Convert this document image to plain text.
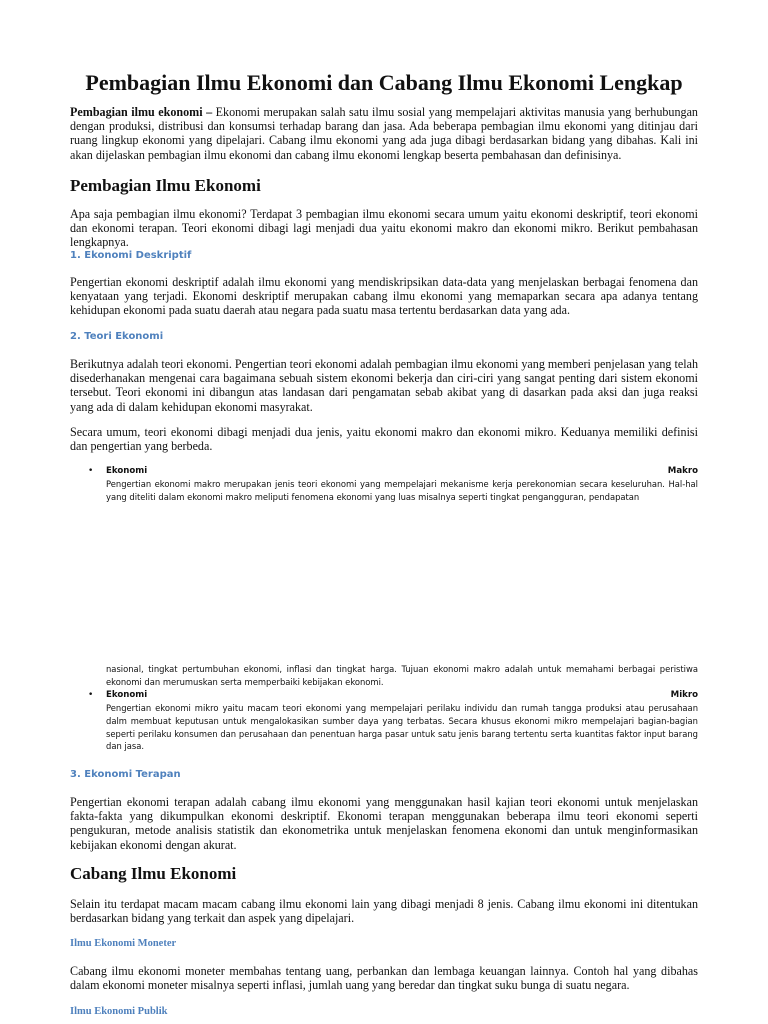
Pembagian Ilmu Ekonomi dan Cabang Ilmu Ekonomi Lengkap

Pembagian ilmu ekonomi – Ekonomi merupakan salah satu ilmu sosial yang mempelajari aktivitas manusia yang berhubungan dengan produksi, distribusi dan konsumsi terhadap barang dan jasa. Ada beberapa pembagian ilmu ekonomi yang ditinjau dari ruang lingkup ekonomi yang dipelajari. Cabang ilmu ekonomi yang ada juga dibagi berdasarkan bidang yang dibahas. Kali ini akan dijelaskan pembagian ilmu ekonomi dan cabang ilmu ekonomi lengkap beserta pembahasan dan definisinya.

Pembagian Ilmu Ekonomi

Apa saja pembagian ilmu ekonomi? Terdapat 3 pembagian ilmu ekonomi secara umum yaitu ekonomi deskriptif, teori ekonomi dan ekonomi terapan. Teori ekonomi dibagi lagi menjadi dua yaitu ekonomi makro dan ekonomi mikro. Berikut pembahasan lengkapnya.

1. Ekonomi Deskriptif

Pengertian ekonomi deskriptif adalah ilmu ekonomi yang mendiskripsikan data-data yang menjelaskan berbagai fenomena dan kenyataan yang terjadi. Ekonomi deskriptif merupakan cabang ilmu ekonomi yang memaparkan secara apa adanya tentang kehidupan ekonomi pada suatu daerah atau negara pada suatu masa tertentu berdasarkan data yang ada.

2. Teori Ekonomi

Berikutnya adalah teori ekonomi. Pengertian teori ekonomi adalah pembagian ilmu ekonomi yang memberi penjelasan yang telah disederhanakan mengenai cara bagaimana sebuah sistem ekonomi bekerja dan ciri-ciri yang sangat penting dari sistem ekonomi tersebut. Teori ekonomi ini dibangun atas landasan dari pengamatan sebab akibat yang di dasarkan pada aksi dan juga reaksi yang ada di dalam kehidupan ekonomi masyrakat.

Secara umum, teori ekonomi dibagi menjadi dua jenis, yaitu ekonomi makro dan ekonomi mikro. Keduanya memiliki definisi dan pengertian yang berbeda.

• Ekonomi	Makro

Pengertian ekonomi makro merupakan jenis teori ekonomi yang mempelajari mekanisme kerja perekonomian secara keseluruhan. Hal-hal yang diteliti dalam ekonomi makro meliputi fenomena ekonomi yang luas misalnya seperti tingkat pengangguran, pendapatan

nasional, tingkat pertumbuhan ekonomi, inflasi dan tingkat harga. Tujuan ekonomi makro adalah untuk memahami berbagai peristiwa ekonomi dan merumuskan serta memperbaiki kebijakan ekonomi.

• Ekonomi	Mikro

Pengertian ekonomi mikro yaitu macam teori ekonomi yang mempelajari perilaku individu dan rumah tangga produksi atau perusahaan dalm membuat keputusan untuk mengalokasikan sumber daya yang terbatas. Secara khusus ekonomi mikro mempelajari bagian-bagian seperti perilaku konsumen dan perusahaan dan penentuan harga pasar untuk satu jenis barang tertentu serta kuantitas faktor input barang dan jasa.

3. Ekonomi Terapan

Pengertian ekonomi terapan adalah cabang ilmu ekonomi yang menggunakan hasil kajian teori ekonomi untuk menjelaskan fakta-fakta yang dikumpulkan ekonomi deskriptif. Ekonomi terapan menggunakan beberapa ilmu teori ekonomi seperti pengukuran, metode analisis statistik dan ekonometrika untuk menjelaskan fenomena ekonomi dan untuk menginformasikan kebijakan ekonomi dengan akurat.

Cabang Ilmu Ekonomi

Selain itu terdapat macam macam cabang ilmu ekonomi lain yang dibagi menjadi 8 jenis. Cabang ilmu ekonomi ini ditentukan berdasarkan bidang yang terkait dan aspek yang dipelajari.

Ilmu Ekonomi Moneter

Cabang ilmu ekonomi moneter membahas tentang uang, perbankan dan lembaga keuangan lainnya. Contoh hal yang dibahas dalam ekonomi moneter misalnya seperti inflasi, jumlah uang yang beredar dan tingkat suku bunga di suatu negara.

Ilmu Ekonomi Publik
